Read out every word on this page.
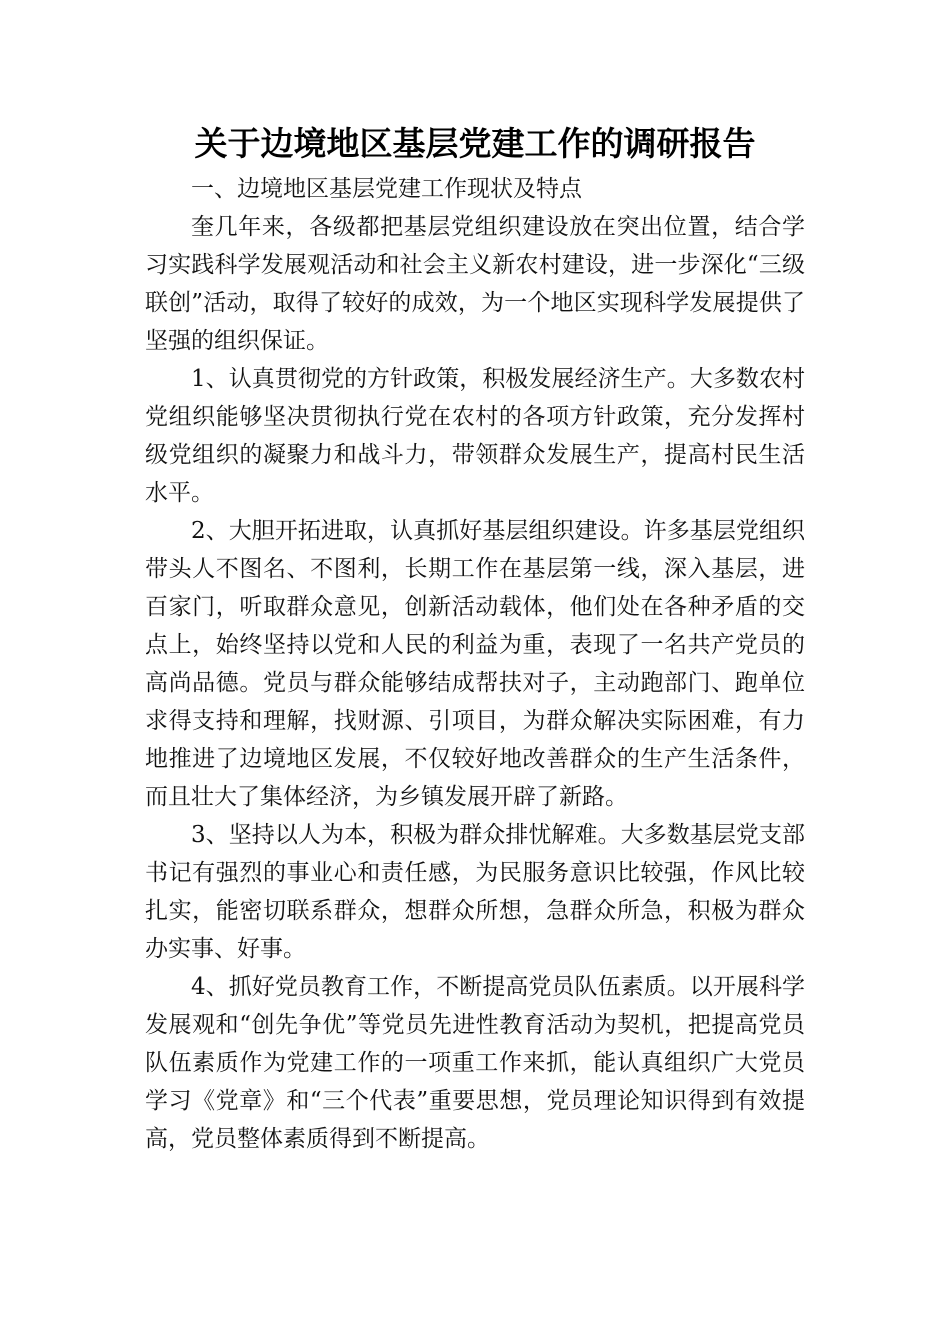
关于边境地区基层党建工作的调研报告

一、边境地区基层党建工作现状及特点

奎几年来，各级都把基层党组织建设放在突出位置，结合学习实践科学发展观活动和社会主义新农村建设，进一步深化“三级联创”活动，取得了较好的成效，为一个地区实现科学发展提供了坚强的组织保证。

1、认真贯彻党的方针政策，积极发展经济生产。大多数农村党组织能够坚决贯彻执行党在农村的各项方针政策，充分发挥村级党组织的凝聚力和战斗力，带领群众发展生产，提高村民生活水平。

2、大胆开拓进取，认真抓好基层组织建设。许多基层党组织带头人不图名、不图利，长期工作在基层第一线，深入基层，进百家门，听取群众意见，创新活动载体，他们处在各种矛盾的交点上，始终坚持以党和人民的利益为重，表现了一名共产党员的高尚品德。党员与群众能够结成帮扶对子，主动跑部门、跑单位求得支持和理解，找财源、引项目，为群众解决实际困难，有力地推进了边境地区发展，不仅较好地改善群众的生产生活条件，而且壮大了集体经济，为乡镇发展开辟了新路。

3、坚持以人为本，积极为群众排忧解难。大多数基层党支部书记有强烈的事业心和责任感，为民服务意识比较强，作风比较扎实，能密切联系群众，想群众所想，急群众所急，积极为群众办实事、好事。

4、抓好党员教育工作，不断提高党员队伍素质。以开展科学发展观和“创先争优”等党员先进性教育活动为契机，把提高党员队伍素质作为党建工作的一项重工作来抓，能认真组织广大党员学习《党章》和“三个代表”重要思想，党员理论知识得到有效提高，党员整体素质得到不断提高。
